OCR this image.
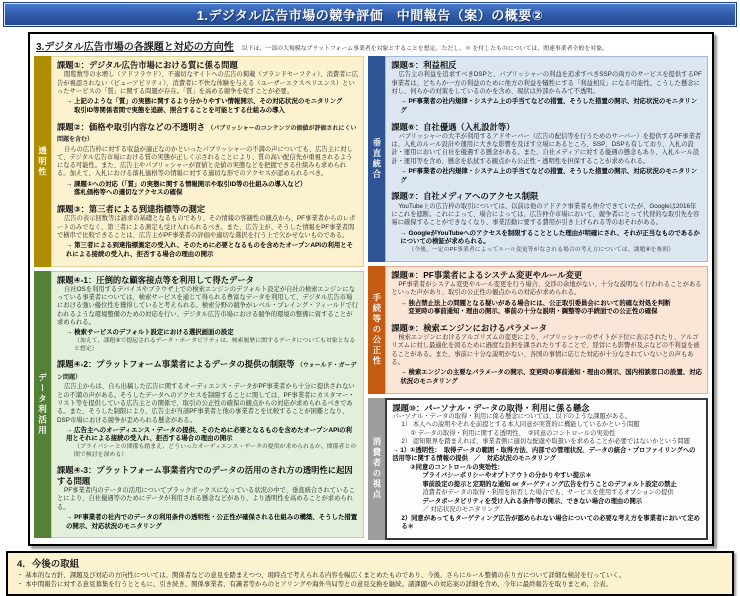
1.デジタル広告市場の競争評価　中間報告（案）の概要②
3.デジタル広告市場の各課題と対応の方向性 以下は、一部の大規模なプラットフォーム事業者を対象とすることを想定。ただし、＊ を付したものについては、関連事業者全般を対象。
透明性
課題①：デジタル広告市場における質に係る問題
閲覧数等の水増し（アドフラウド）、不適切なサイトへの広告の掲載（ブランドセーフティ）、消費者に広告が視認されない（ビューアビリティ）、消費者に不快な体験を与える（ユーザーエクスペリエンス）といったサービスの「質」に関する問題が存在。「質」を高める競争を促すことが必要。
→ 上記のような「質」の実態に関するより分かりやすい情報開示、その対応状況のモニタリング
取引ID等関係者間で実態を追跡、照合することを可能とする仕組みの導入
課題②：価格や取引内容などの不透明さ （パブリッシャーのコンテンツの価値が評価されにくい問題を含む）
自らの広告枠に対する収益が適正なのかといったパブリッシャーの不満の声についても、広告主に対して、デジタル広告市場における質の実態が正しく示されることにより、質の高い配信先が重視されるようになる可能性。また、広告主やパブリッシャーが買値と売値の実態などを把握できる仕組みも求められる。加えて、入札における落札価格等の情報に対する適切な形でのアクセスが認められるべき。
→ 課題①への対応（「質」の実態に関する情報開示や取引ID等の仕組みの導入など）
落札価格等への適切なアクセスの確保
課題③：第三者による到達指標等の測定
広告の表示回数等は請求の基礎となるものであり、その情報の客観性の観点から、PF事業者からのレポートのみでなく、第三者による測定も受け入れられるべき。また、広告主が、そうした情報をPF事業者間で横串で比較できることは、広告主がPF事業者の評価や適切な選択を行う上で欠かせないものである。
→ 第三者による到達指標測定の受入れ、そのために必要となるものを含めたオープンAPIの利用とそれによる接続の受入れ、拒否する場合の理由の開示
データ利活用
課題④-1：圧倒的な顧客接点等を利用して得たデータ
自社OSを利用するデバイスやブラウザ上での検索エンジンのデフォルト設定が自社の検索エンジンになっている事業者については、検索サービスを通じて得られる豊富なデータを利用して、デジタル広告市場における強い優位性を獲得していると考えられる。検索分野の競争がレベル・プレイング・フィールドで行われるような環境整備のための対応を行い、デジタル広告市場における競争的環境の整備に資することが求められる。
→ 検索サービスのデフォルト設定における選択画面の設定
（加えて、課題⑨で提起されるデータ・ポータビリティは、検索履歴に関するデータについても対象となると想定）
課題④-2：プラットフォーム事業者によるデータの提供の制限等 （ウォールド・ガーデン問題）
広告主からは、自ら出稿した広告に関するオーディエンス・データがPF事業者から十分に提供されないとの不満の声がある。そうしたデータへのアクセスを制限することに関しては、PF事業者にカスタマー・リスト等を提供している広告主との関係で、取引の公正性の確保の観点からの対応が求められるべきである。また、そうした制限により、広告主が当該PF事業者と他の事業者とを比較することが困難となり、DSP市場における競争が歪められる懸念がある。
→ 広告主へのオーディエンス・データの提供、そのために必要となるものを含めたオープンAPIの利用とそれによる接続の受入れ、拒否する場合の理由の開示
（プライバシーとの関係も踏まえ、どういったオーディエンス・データの提供が求められるか、関係者との間で検討を深める）
課題④-3：プラットフォーム事業者内でのデータの活用のされ方の透明性に起因する問題
PF事業者内のデータの活用についてブラックボックスになっている状況の中で、垂直統合されていることにより、自社優遇等のためにデータが利用される懸念などがあり、より透明性を高めることが求められる。
→ PF事業者の社内でのデータの利用条件の透明性・公正性が確保される仕組みの構築、そうした措置の開示、対応状況のモニタリング
垂直統合
課題⑤：利益相反
広告主の利益を追求すべきDSPと、パブリッシャーの利益を追求すべきSSPの両方のサービスを提供するPF事業者は、どちらか一方の利益のために他方の利益を犠牲にする「利益相反」になる可能性。こうした懸念に対し、何らかの対策をしているのかを含め、現状は外部からみて不透明。
→ PF事業者の社内規律・システム上の手当てなどの措置、そうした措置の開示、対応状況のモニタリング
課題⑥：自社優遇（入札設計等）
パブリッシャーの大半が利用するアドサーバー（広告の配信等を行うためのサーバー）を提供するPF事業者は、入札のルール設計や運用に大きな影響を及ぼす立場にあるところ、SSP、DSPも有しており、入札の設計・運用において自社を優遇する懸念がある。また、自社メディアに対する優遇の懸念もあり、入札ルール設計・運用等を含め、懸念を払拭する観点から公正性・透明性を担保することが求められる。
→ PF事業者の社内規律・システム上の手当てなどの措置、そうした措置の開示、対応状況のモニタリング
課題⑦：自社メディアへのアクセス制限
YouTube上の広告枠の取引については、以前は他のアドテク事業者も仲介できていたが、Googleは2016年にこれを遮断。これによって、場合によっては、広告仲介市場において、競争者にとって代替的な取引先を容易に確保することができなくなり、事業活動に要する費用が引き上げられる等のおそれがある。
→ GoogleがYouTubeへのアクセスを制限することとした理由が明確にされ、それが正当なものであるかについての検証が求められる。
（今後、一定のPF事業者によってルール変更等がなされる場合の考え方については、課題⑧を参照）
手続等の公正性
課題⑧：PF事業者によるシステム変更やルール変更
PF事業者がシステム変更やルール変更を行う場合、交渉の余地がない、十分な説明なく行われることがあるといった声があり、取引の公正性の観点からの対応が求められる。
→ 独占禁止法上の問題となる疑いがある場合には、公正取引委員会において的確な対処を判断
変更時の事前通知・理由の開示、事前の十分な説明・調整等の手続面での公正性の確保
課題⑨：検索エンジンにおけるパラメータ
検索エンジンにおけるアルゴリズムの変更により、パブリッシャーのサイトが下位に表示されたり、アルゴリズムに対し最適化を図るために過度な負担を課されたりすることで、経営にも影響が及ぶなどの不利益を被ることがある。また、事前に十分な説明がない、各国の事情に応じた対応が十分なされていないとの声もある。
→ 検索エンジンの主要なパラメータの開示、変更時の事前通知・理由の開示、国内相談窓口の設置、対応状況のモニタリング
消費者の視点
課題⑩：パーソナル・データの取得・利用に係る懸念
パーソナル・データの取得・利用に係る懸念については、以下のような課題がある。
1） 本人への説明やそれを前提とする本人同意が実質的に機能しているかという問題
① データの取得・利用に関する透明性、　②同意のコントロールの実効性
2） 認知限界を踏まえれば、事業者側に適切な配慮や取扱いを求めることが必要ではないかという問題
→ 1）①透明性：　取得データの範囲・取得方法、内部での管理状況、データの統合・プロファイリングへの活用等に関する情報の提供　／　対応状況のモニタリング
②同意のコントロールの実効性：
プライバシーポリシーやオプトアウトの分かりやすい提示＊
事前設定の提示と定期的な通知 or ターゲティング広告を行うことのデフォルト設定の禁止
消費者がデータの取得・利用を拒否した場合でも、サービスを使用するオプションの提供
データポータビリティを受け入れる条件等の開示、できない場合の理由の開示
／ 対応状況のモニタリング
2）同意があってもターゲティング広告が認められない場合についての必要な考え方を事業者において定める＊
4．今後の取組
・ 基本的な方針、課題及び対応の方向性については、関係者などの意見を踏まえつつ、現時点で考えられる内容を幅広くまとめたものであり、今後、さらにルール整備の在り方について詳細な検討を行っていく。
・ 本中間報告に対する意見募集を行うとともに、引き続き、関係事業者、有識者等からのヒアリングや海外当局等との意見交換を継続。諸課題への対応案の詳細を含め、今年に最終報告を取りまとめ、公表。
